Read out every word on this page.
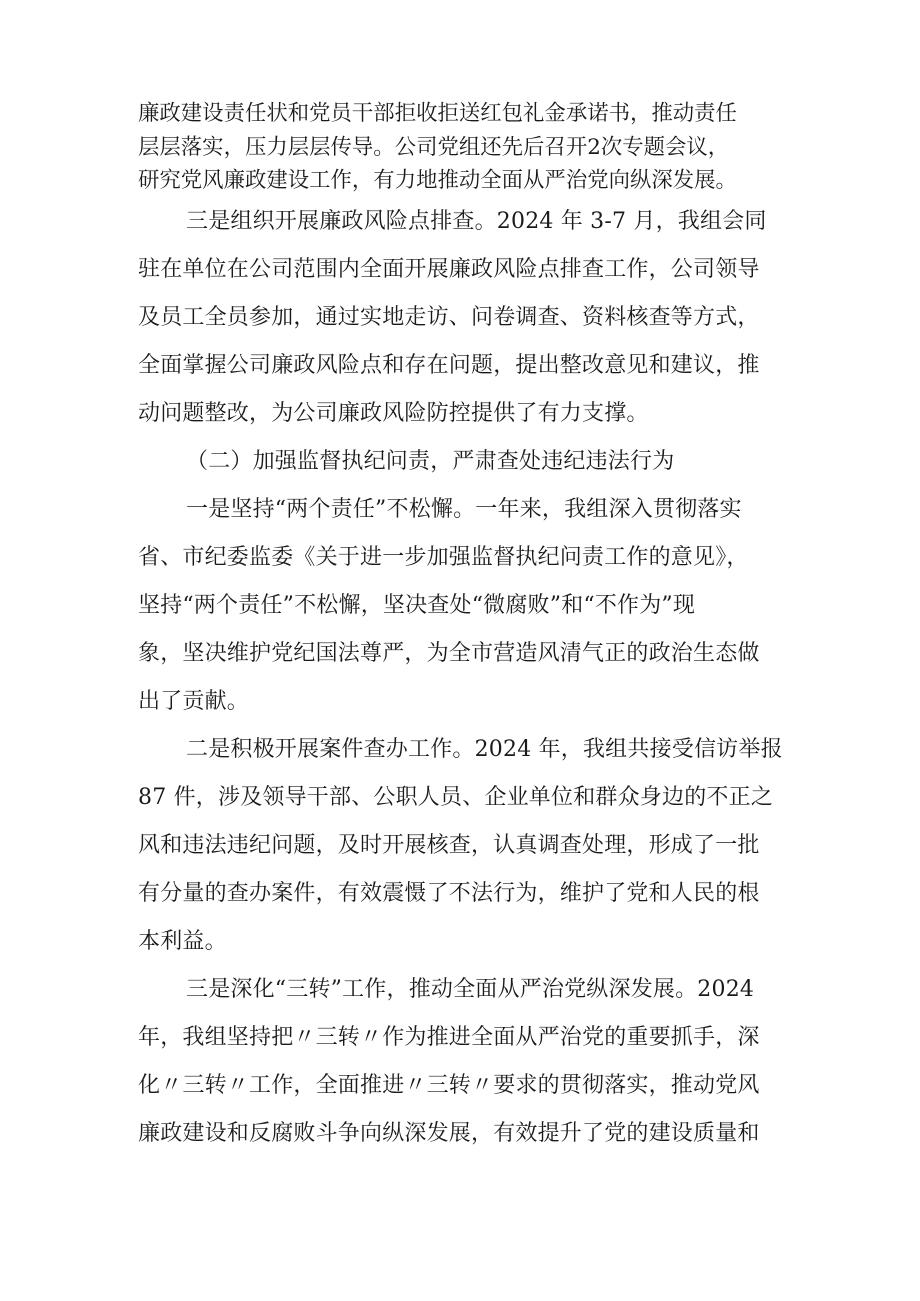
廉政建设责任状和党员干部拒收拒送红包礼金承诺书，推动责任
层层落实，压力层层传导。公司党组还先后召开2次专题会议，
研究党风廉政建设工作，有力地推动全面从严治党向纵深发展。
三是组织开展廉政风险点排查。2024 年 3-7 月，我组会同
驻在单位在公司范围内全面开展廉政风险点排查工作，公司领导
及员工全员参加，通过实地走访、问卷调查、资料核查等方式，
全面掌握公司廉政风险点和存在问题，提出整改意见和建议，推
动问题整改，为公司廉政风险防控提供了有力支撑。
（二）加强监督执纪问责，严肃查处违纪违法行为
一是坚持“两个责任”不松懈。一年来，我组深入贯彻落实
省、市纪委监委《关于进一步加强监督执纪问责工作的意见》，
坚持“两个责任”不松懈，坚决查处“微腐败”和“不作为”现
象，坚决维护党纪国法尊严，为全市营造风清气正的政治生态做
出了贡献。
二是积极开展案件查办工作。2024 年，我组共接受信访举报
87 件，涉及领导干部、公职人员、企业单位和群众身边的不正之
风和违法违纪问题，及时开展核查，认真调查处理，形成了一批
有分量的查办案件，有效震慑了不法行为，维护了党和人民的根
本利益。
三是深化“三转”工作，推动全面从严治党纵深发展。2024
年，我组坚持把〃三转〃作为推进全面从严治党的重要抓手，深
化〃三转〃工作，全面推进〃三转〃要求的贯彻落实，推动党风
廉政建设和反腐败斗争向纵深发展，有效提升了党的建设质量和
